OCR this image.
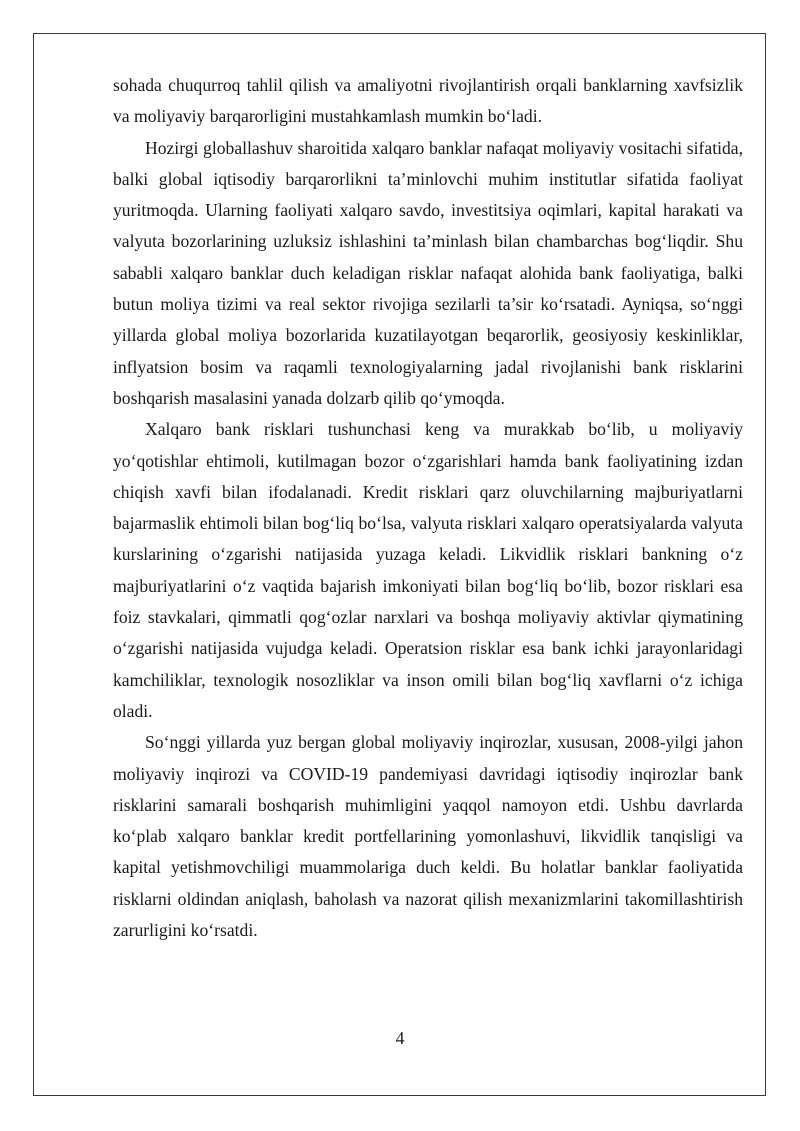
sohada chuqurroq tahlil qilish va amaliyotni rivojlantirish orqali banklarning xavfsizlik va moliyaviy barqarorligini mustahkamlash mumkin bo‘ladi.

Hozirgi globallashuv sharoitida xalqaro banklar nafaqat moliyaviy vositachi sifatida, balki global iqtisodiy barqarorlikni ta’minlovchi muhim institutlar sifatida faoliyat yuritmoqda. Ularning faoliyati xalqaro savdo, investitsiya oqimlari, kapital harakati va valyuta bozorlarining uzluksiz ishlashini ta’minlash bilan chambarchas bog‘liqdir. Shu sababli xalqaro banklar duch keladigan risklar nafaqat alohida bank faoliyatiga, balki butun moliya tizimi va real sektor rivojiga sezilarli ta’sir ko‘rsatadi. Ayniqsa, so‘nggi yillarda global moliya bozorlarida kuzatilayotgan beqarorlik, geosiyosiy keskinliklar, inflyatsion bosim va raqamli texnologiyalarning jadal rivojlanishi bank risklarini boshqarish masalasini yanada dolzarb qilib qo‘ymoqda.

Xalqaro bank risklari tushunchasi keng va murakkab bo‘lib, u moliyaviy yo‘qotishlar ehtimoli, kutilmagan bozor o‘zgarishlari hamda bank faoliyatining izdan chiqish xavfi bilan ifodalanadi. Kredit risklari qarz oluvchilarning majburiyatlarni bajarmaslik ehtimoli bilan bog‘liq bo‘lsa, valyuta risklari xalqaro operatsiyalarda valyuta kurslarining o‘zgarishi natijasida yuzaga keladi. Likvidlik risklari bankning o‘z majburiyatlarini o‘z vaqtida bajarish imkoniyati bilan bog‘liq bo‘lib, bozor risklari esa foiz stavkalari, qimmatli qog‘ozlar narxlari va boshqa moliyaviy aktivlar qiymatining o‘zgarishi natijasida vujudga keladi. Operatsion risklar esa bank ichki jarayonlaridagi kamchiliklar, texnologik nosozliklar va inson omili bilan bog‘liq xavflarni o‘z ichiga oladi.

So‘nggi yillarda yuz bergan global moliyaviy inqirozlar, xususan, 2008-yilgi jahon moliyaviy inqirozi va COVID-19 pandemiyasi davridagi iqtisodiy inqirozlar bank risklarini samarali boshqarish muhimligini yaqqol namoyon etdi. Ushbu davrlarda ko‘plab xalqaro banklar kredit portfellarining yomonlashuvi, likvidlik tanqisligi va kapital yetishmovchiligi muammolariga duch keldi. Bu holatlar banklar faoliyatida risklarni oldindan aniqlash, baholash va nazorat qilish mexanizmlarini takomillashtirish zarurligini ko‘rsatdi.

4
